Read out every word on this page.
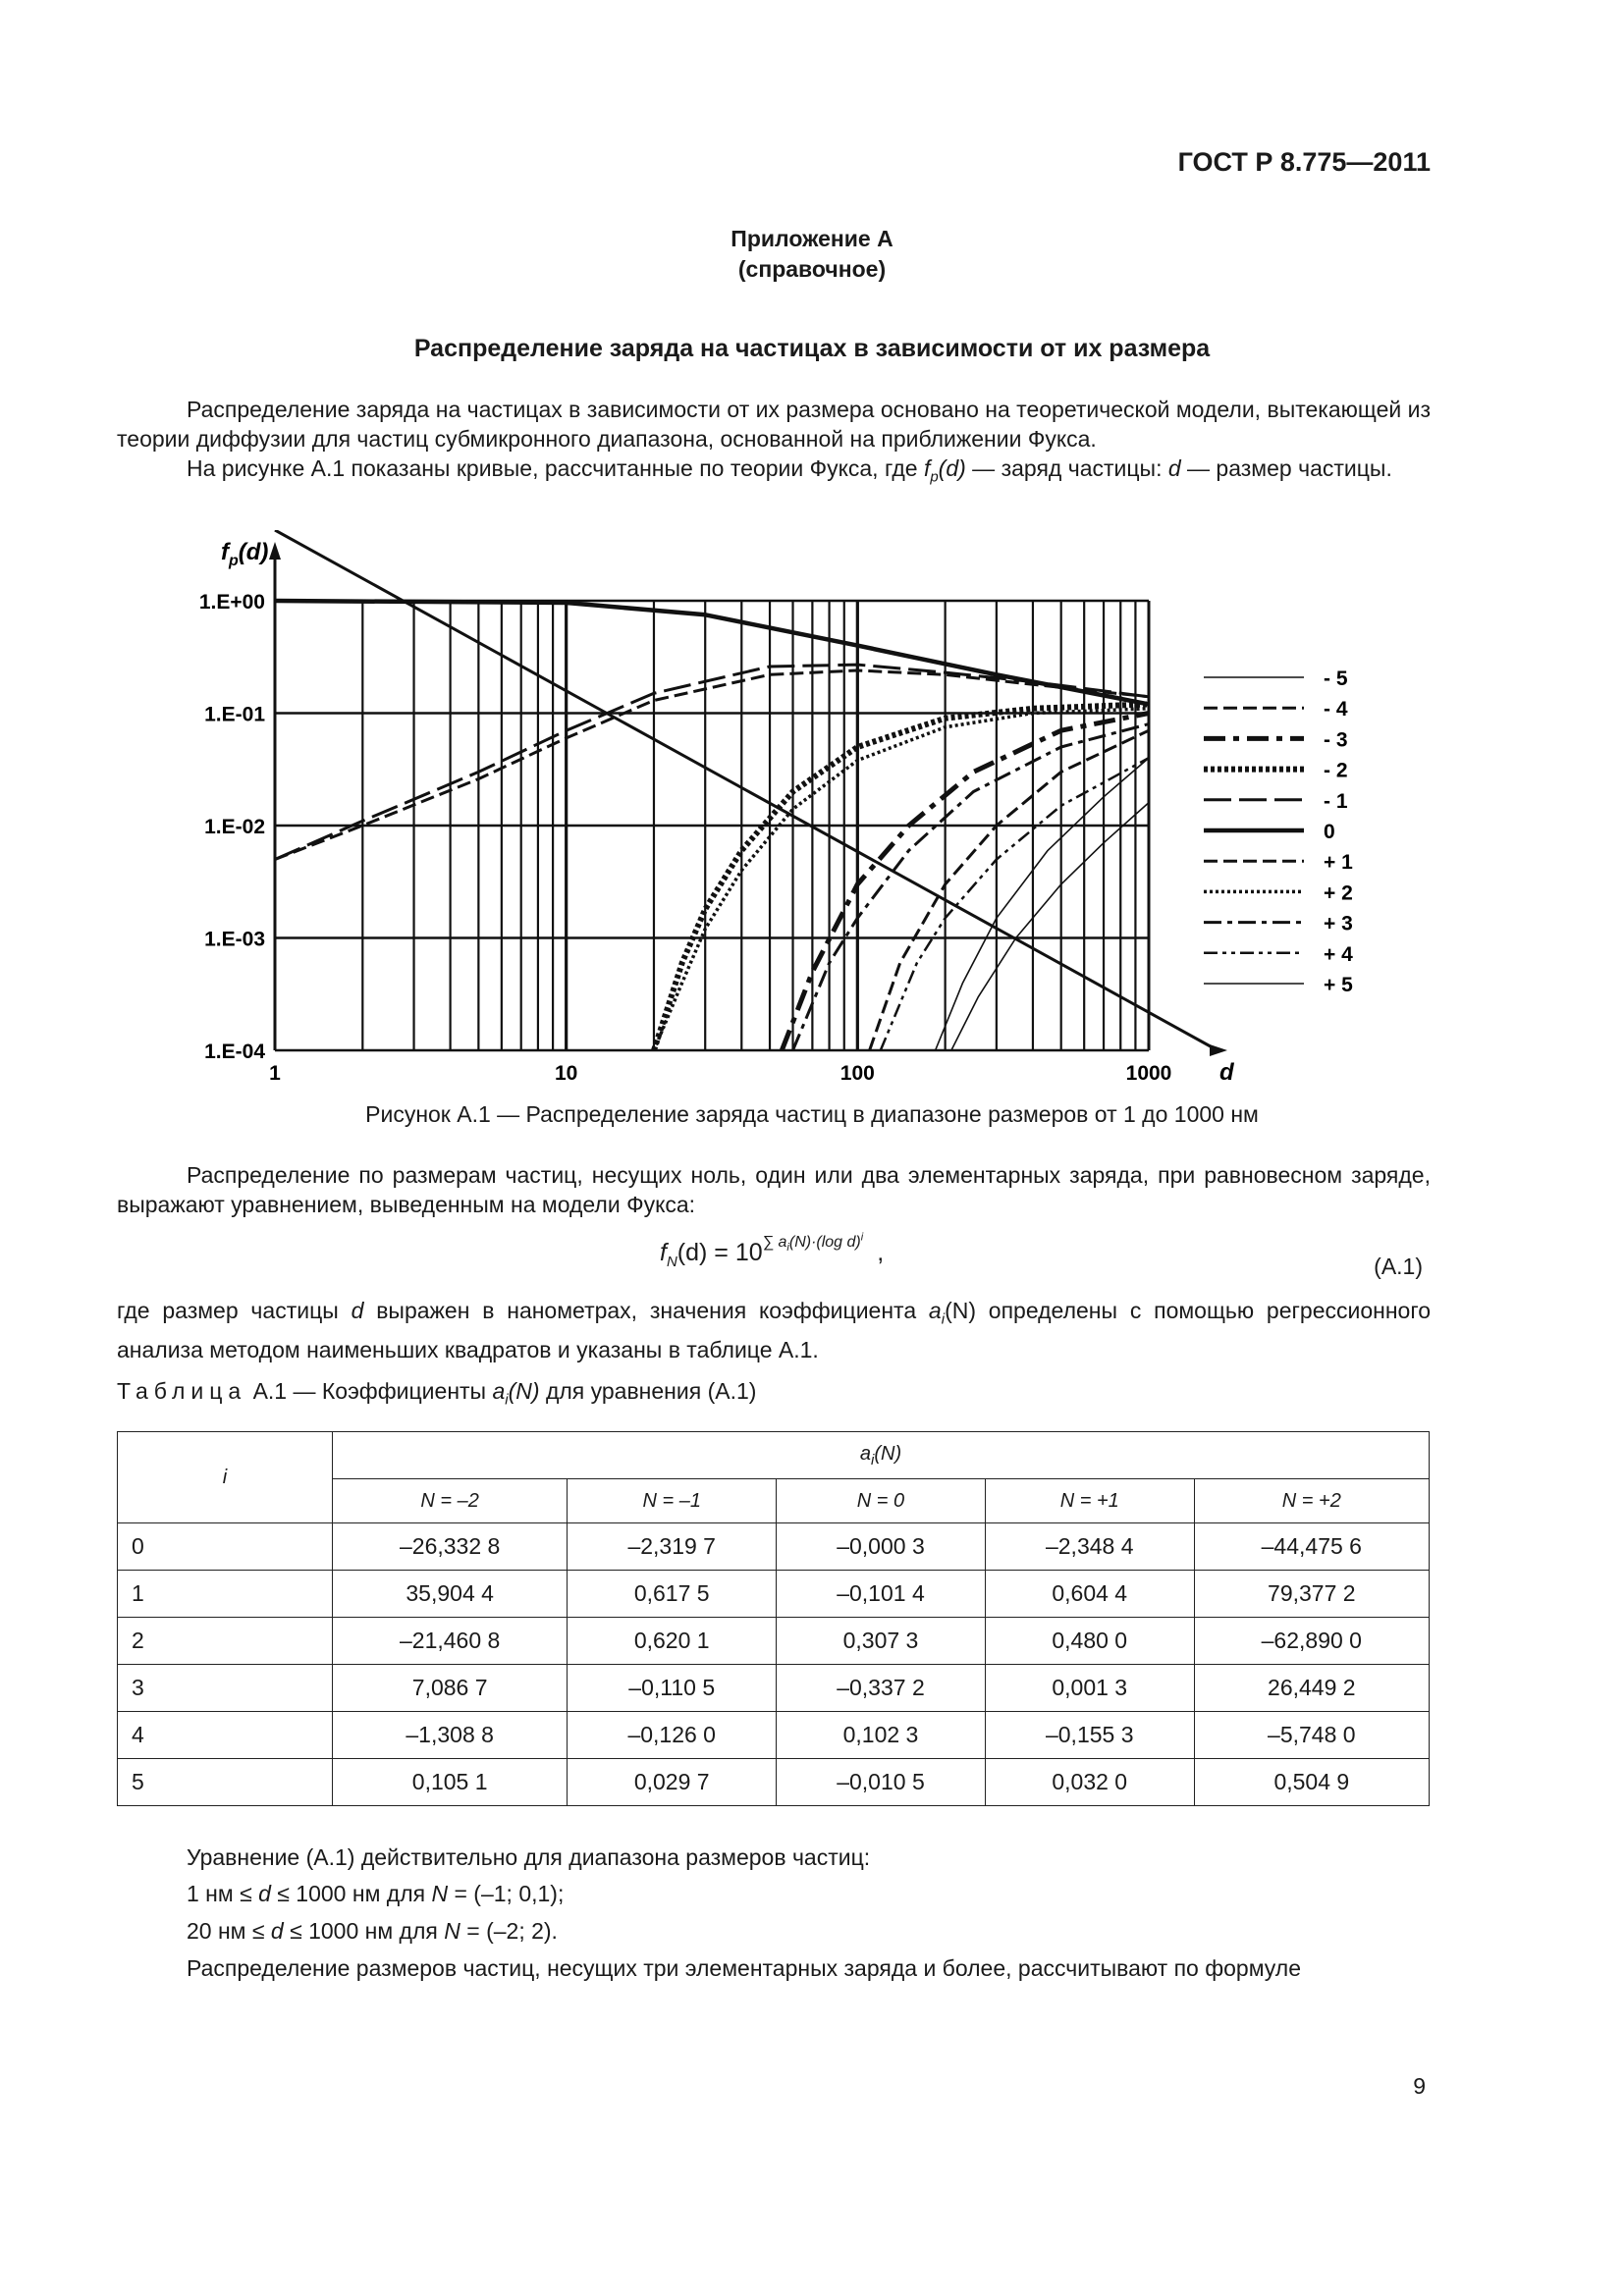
ГОСТ Р 8.775—2011
Приложение А
(справочное)
Распределение заряда на частицах в зависимости от их размера
Распределение заряда на частицах в зависимости от их размера основано на теоретической модели, вытекающей из теории диффузии для частиц субмикронного диапазона, основанной на приближении Фукса.
На рисунке А.1 показаны кривые, рассчитанные по теории Фукса, где $f_p(d)$ — заряд частицы: d — размер частицы.
$f_p(d)$
d
1.E+00
1.E-01
1.E-02
1.E-03
1.E-04
1	10	100	1000
- 5
- 4
- 3
- 2
- 1
0
+ 1
+ 2
+ 3
+ 4
+ 5
Рисунок А.1 — Распределение заряда частиц в диапазоне размеров от 1 до 1000 нм
Распределение по размерам частиц, несущих ноль, один или два элементарных заряда, при равновесном заряде, выражают уравнением, выведенным на модели Фукса:
$f_N(d) = 10^{\sum a_i(N)\cdot(log d)^i}$,	(А.1)
где размер частицы d выражен в нанометрах, значения коэффициента $a_i(N)$ определены с помощью регрессионного анализа методом наименьших квадратов и указаны в таблице А.1.
Таблица А.1 — Коэффициенты $a_i(N)$ для уравнения (А.1)
i	$a_i(N)$				
	N = –2	N = –1	N = 0	N = +1	N = +2
0	–26,332 8	–2,319 7	–0,000 3	–2,348 4	–44,475 6
1	35,904 4	0,617 5	–0,101 4	0,604 4	79,377 2
2	–21,460 8	0,620 1	0,307 3	0,480 0	–62,890 0
3	7,086 7	–0,110 5	–0,337 2	0,001 3	26,449 2
4	–1,308 8	–0,126 0	0,102 3	–0,155 3	–5,748 0
5	0,105 1	0,029 7	–0,010 5	0,032 0	0,504 9
Уравнение (А.1) действительно для диапазона размеров частиц:
1 нм ≤ d ≤ 1000 нм для N = (–1; 0,1);
20 нм ≤ d ≤ 1000 нм для N = (–2; 2).
Распределение размеров частиц, несущих три элементарных заряда и более, рассчитывают по формуле
9
